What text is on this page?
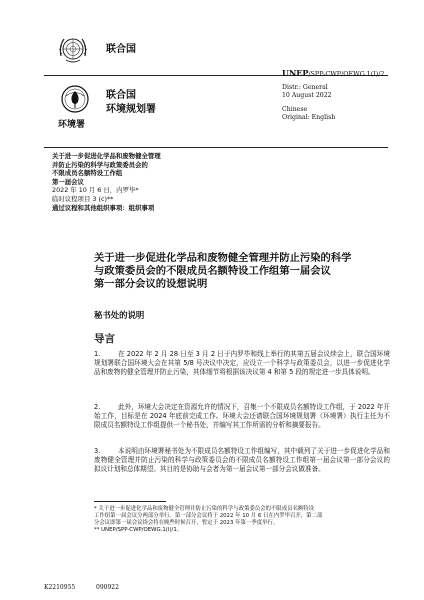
联合国
环境署
联合国
环境规划署
UNEP/SPP-CWP/OEWG.1(I)/2
Distr.: General
10 August 2022
Chinese
Original: English
关于进一步促进化学品和废物健全管理
并防止污染的科学与政策委员会的
不限成员名额特设工作组
第一届会议
2022 年 10 月 6 日，内罗毕*
临时议程项目 3 (c)**
通过议程和其他组织事项：组织事项
关于进一步促进化学品和废物健全管理并防止污染的科学
与政策委员会的不限成员名额特设工作组第一届会议
第一部分会议的设想说明
秘书处的说明
导言
1.	在 2022 年 2 月 28 日至 3 月 2 日于内罗毕和线上举行的其第五届会议续会上，联合国环境规划署联合国环境大会在其第 5/8 号决议中决定，应设立一个科学与政策委员会，以进一步促进化学品和废物的健全管理并防止污染，其体细节将根据该决议第 4 和第 5 段的规定进一步具体说明。
2.	此外，环境大会决定在资源允许的情况下，召集一个不限成员名额特设工作组，于 2022 年开始工作，目标是在 2024 年底前完成工作。环境大会还请联合国环境规划署（环境署）执行主任为不限成员名额特设工作组提供一个秘书处，并编写其工作所需的分析和摘要报告。
3.	本说明由环境署秘书处为不限成员名额特设工作组编写，其中载列了关于进一步促进化学品和废物健全管理并防止污染的科学与政策委员会的不限成员名额特设工作组第一届会议第一部分会议的拟议计划和总体期望。其目的是协助与会者为第一届会议第一部分会议做准备。
* 关于进一步促进化学品和废物健全管理并防止污染的科学与政策委员会的不限成员名额特设
工作组第一届会议分两部分举行。第一部分会议将于 2022 年 10 月 6 日在内罗毕召开，第二部
分会议即第一届会议续会将在晚些时候召开，暂定于 2023 年第一季度举行。
** UNEP/SPP-CWP/OEWG.1(I)/1。
K2210955	090922
